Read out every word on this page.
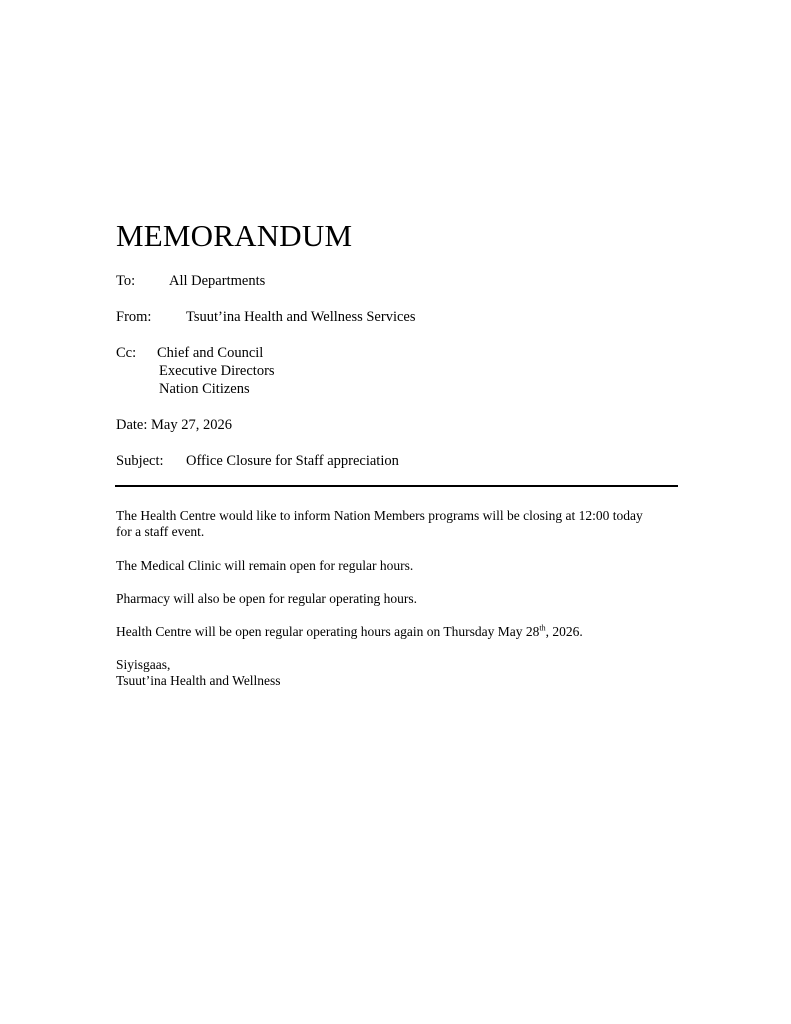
MEMORANDUM
To: All Departments
From: Tsuut’ina Health and Wellness Services
Cc: Chief and Council
Executive Directors
Nation Citizens
Date: May 27, 2026
Subject: Office Closure for Staff appreciation
The Health Centre would like to inform Nation Members programs will be closing at 12:00 today
for a staff event.
The Medical Clinic will remain open for regular hours.
Pharmacy will also be open for regular operating hours.
Health Centre will be open regular operating hours again on Thursday May 28th, 2026.
Siyisgaas,
Tsuut’ina Health and Wellness
